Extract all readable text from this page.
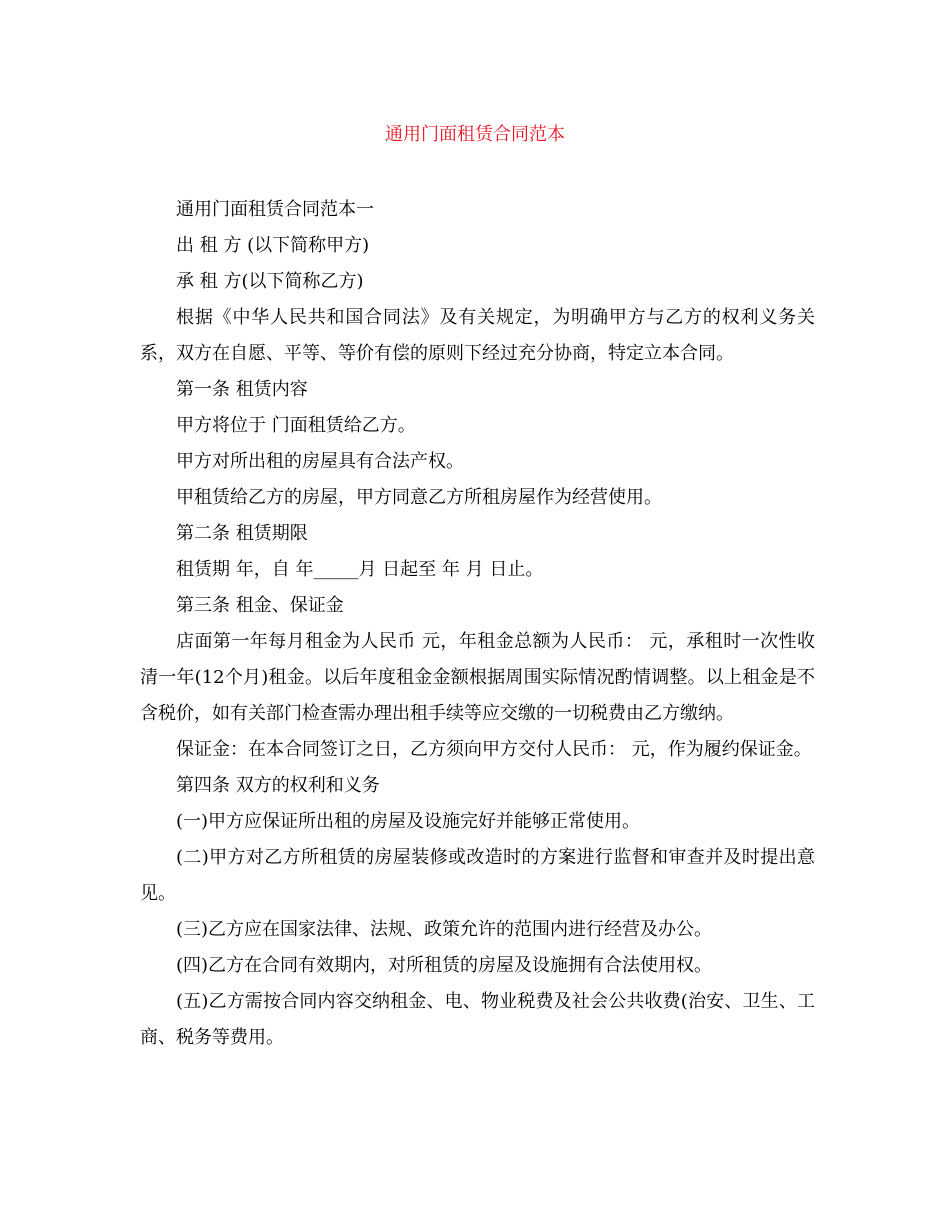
通用门面租赁合同范本

通用门面租赁合同范本一

出 租 方 (以下简称甲方)

承 租 方(以下简称乙方)

根据《中华人民共和国合同法》及有关规定，为明确甲方与乙方的权利义务关系，双方在自愿、平等、等价有偿的原则下经过充分协商，特定立本合同。

第一条 租赁内容

甲方将位于 门面租赁给乙方。

甲方对所出租的房屋具有合法产权。

甲租赁给乙方的房屋，甲方同意乙方所租房屋作为经营使用。

第二条 租赁期限

租赁期 年，自 年_____月 日起至 年 月 日止。

第三条 租金、保证金

店面第一年每月租金为人民币 元，年租金总额为人民币： 元，承租时一次性收清一年(12个月)租金。以后年度租金金额根据周围实际情况酌情调整。以上租金是不含税价，如有关部门检查需办理出租手续等应交缴的一切税费由乙方缴纳。

保证金：在本合同签订之日，乙方须向甲方交付人民币： 元，作为履约保证金。

第四条 双方的权利和义务

(一)甲方应保证所出租的房屋及设施完好并能够正常使用。

(二)甲方对乙方所租赁的房屋装修或改造时的方案进行监督和审查并及时提出意见。

(三)乙方应在国家法律、法规、政策允许的范围内进行经营及办公。

(四)乙方在合同有效期内，对所租赁的房屋及设施拥有合法使用权。

(五)乙方需按合同内容交纳租金、电、物业税费及社会公共收费(治安、卫生、工商、税务等费用。
